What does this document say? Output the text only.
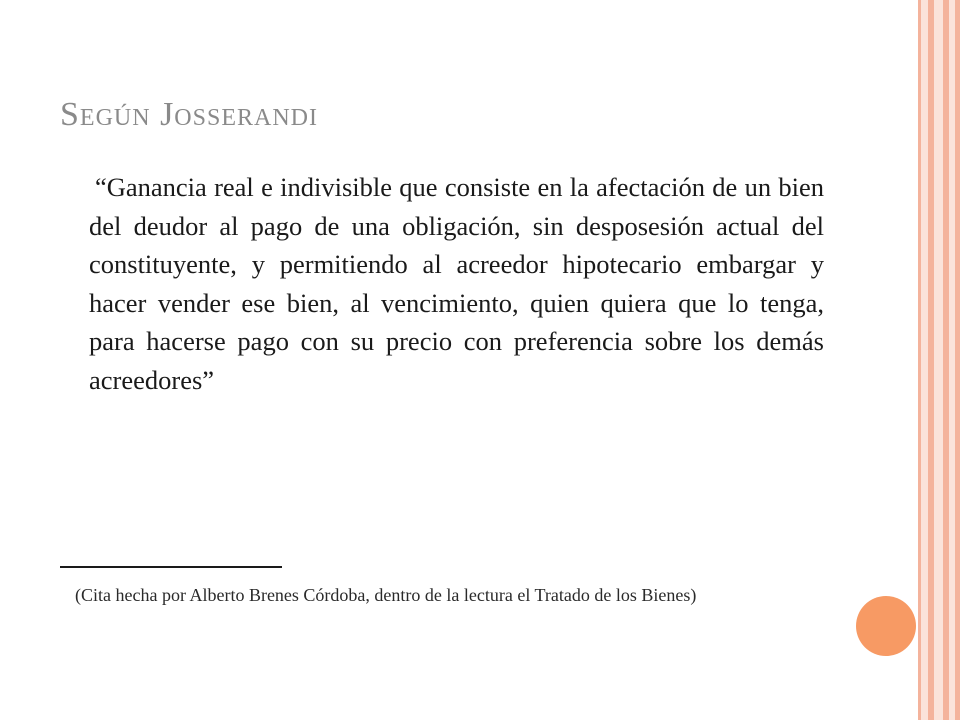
Según Josserandi

“Ganancia real e indivisible que consiste en la afectación de un bien del deudor al pago de una obligación, sin desposesión actual del constituyente, y permitiendo al acreedor hipotecario embargar y hacer vender ese bien, al vencimiento, quien quiera que lo tenga, para hacerse pago con su precio con preferencia sobre los demás acreedores”

(Cita hecha por Alberto Brenes Córdoba, dentro de la lectura el Tratado de los Bienes)
